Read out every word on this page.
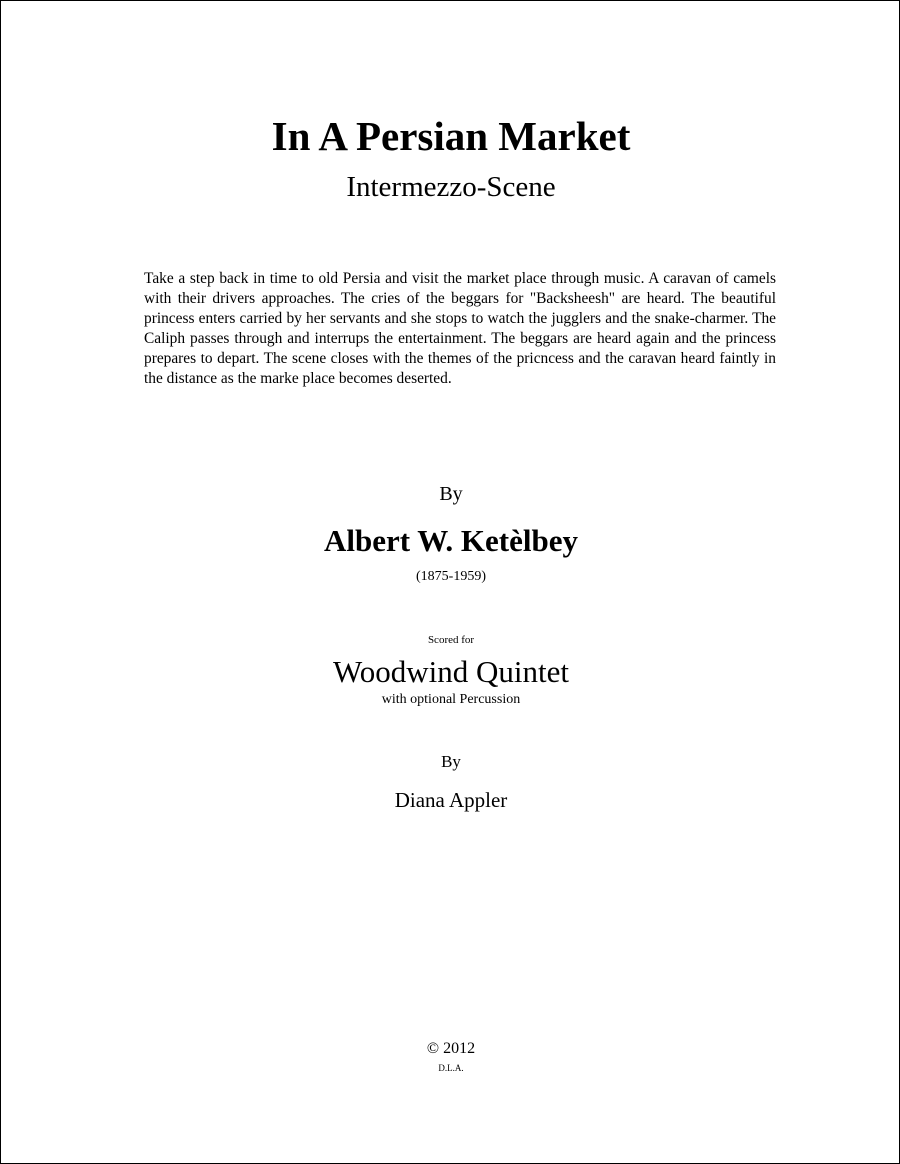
In A Persian Market
Intermezzo-Scene

Take a step back in time to old Persia and visit the market place through music. A caravan of camels with their drivers approaches. The cries of the beggars for "Backsheesh" are heard. The beautiful princess enters carried by her servants and she stops to watch the jugglers and the snake-charmer. The Caliph passes through and interrups the entertainment. The beggars are heard again and the princess prepares to depart. The scene closes with the themes of the pricncess and the caravan heard faintly in the distance as the marke place becomes deserted.

By
Albert W. Ketèlbey
(1875-1959)
Scored for
Woodwind Quintet
with optional Percussion
By
Diana Appler
© 2012
D.L.A.
